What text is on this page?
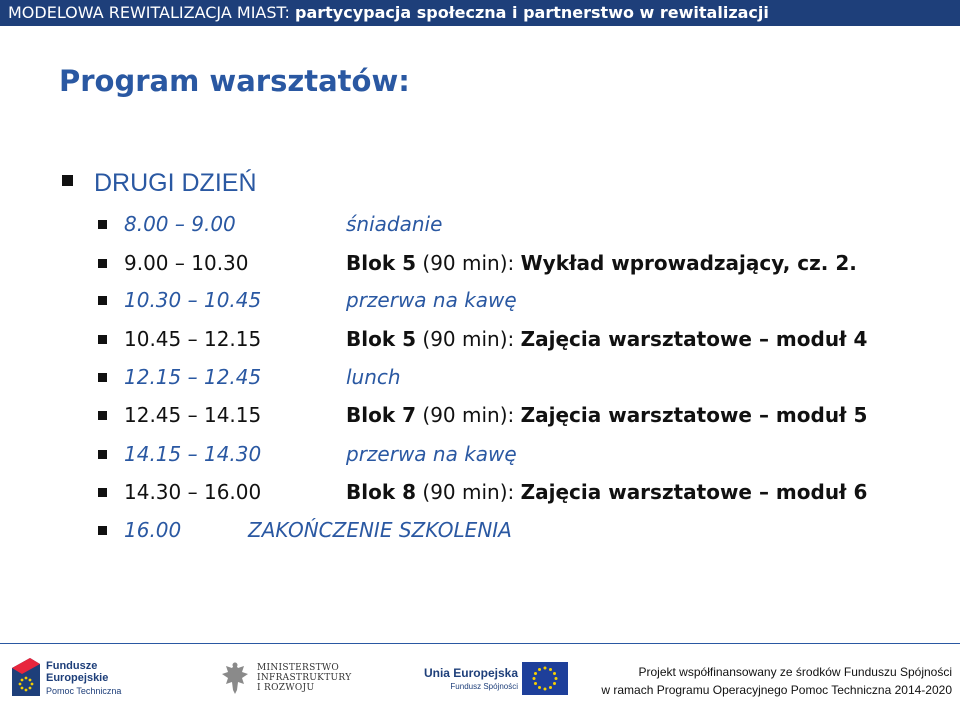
MODELOWA REWITALIZACJA MIAST: partycypacja społeczna i partnerstwo w rewitalizacji
Program warsztatów:
DRUGI DZIEŃ
8.00 – 9.00	śniadanie
9.00 – 10.30	Blok 5 (90 min): Wykład wprowadzający, cz. 2.
10.30 – 10.45	przerwa na kawę
10.45 – 12.15	Blok 5 (90 min): Zajęcia warsztatowe – moduł 4
12.15 – 12.45	lunch
12.45 – 14.15	Blok 7 (90 min): Zajęcia warsztatowe – moduł 5
14.15 – 14.30	przerwa na kawę
14.30 – 16.00	Blok 8 (90 min): Zajęcia warsztatowe – moduł 6
16.00	ZAKOŃCZENIE SZKOLENIA
Fundusze
Europejskie
Pomoc Techniczna
MINISTERSTWO
INFRASTRUKTURY
I ROZWOJU
Unia Europejska
Fundusz Spójności
Projekt współfinansowany ze środków Funduszu Spójności
w ramach Programu Operacyjnego Pomoc Techniczna 2014-2020
